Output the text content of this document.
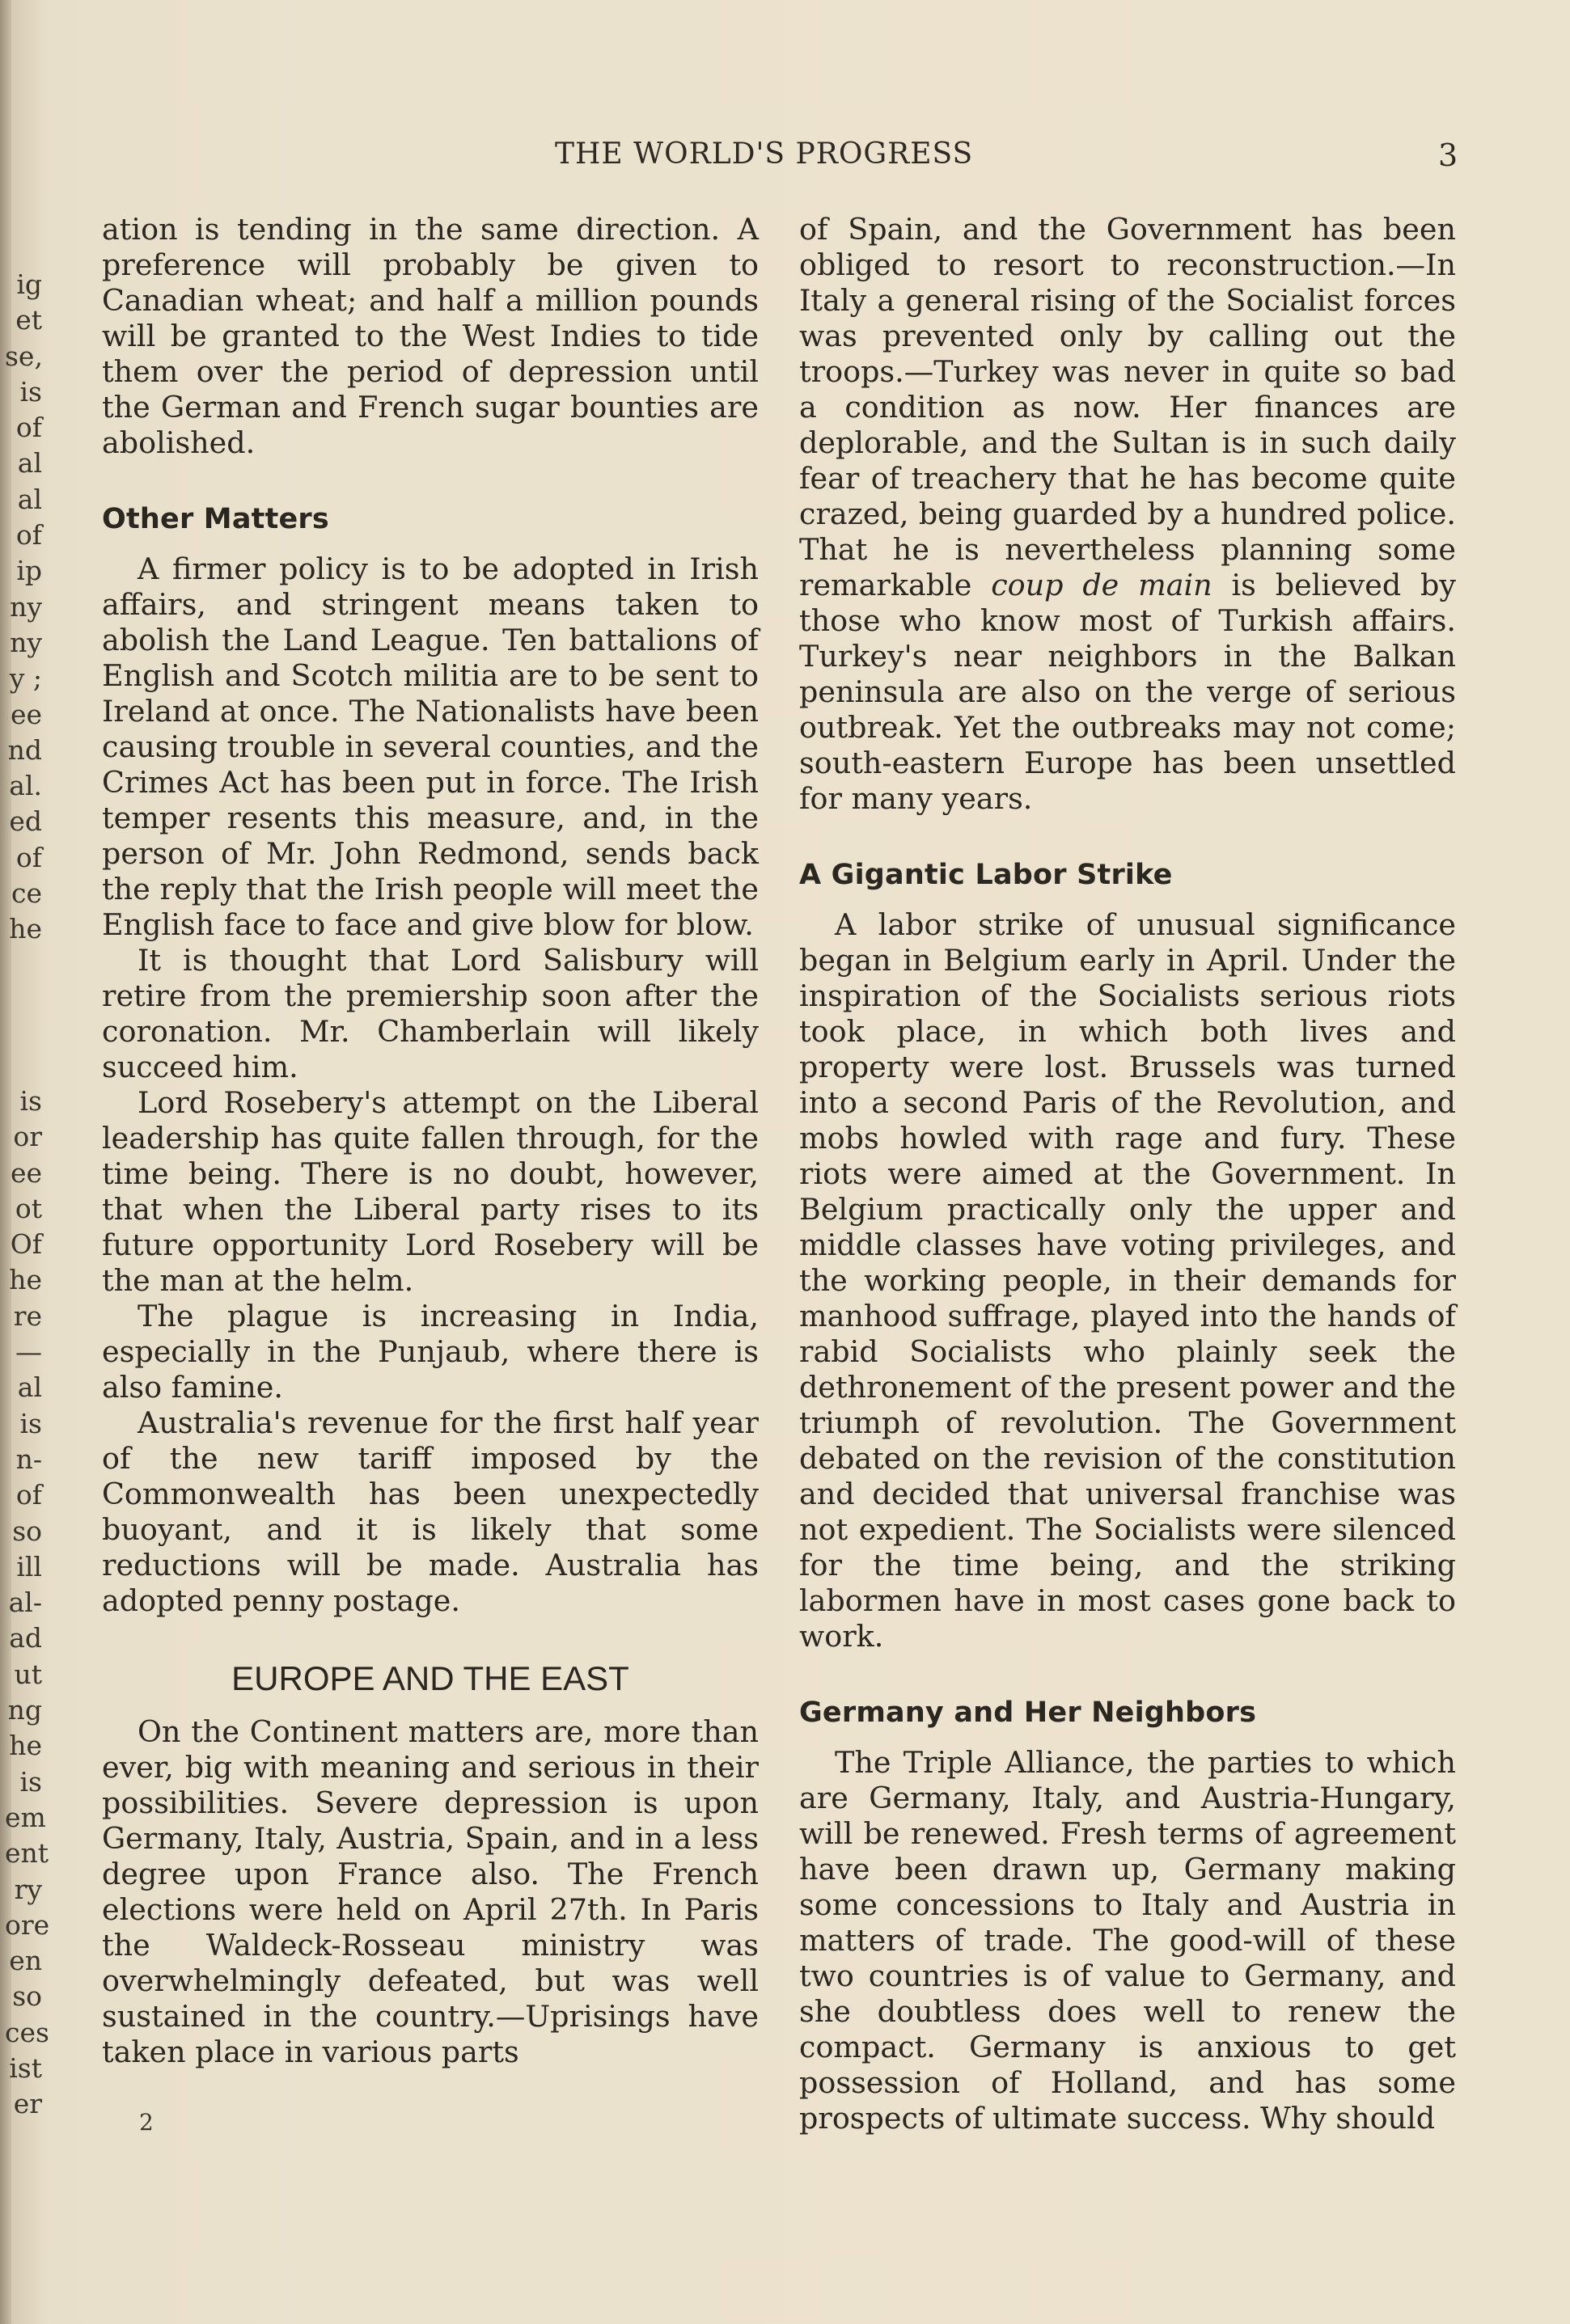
ig
et
se,
is
of
al
al
of
ip
ny
ny
y ;
ee
nd
al.
ed
of
ce
he
is
or
ee
ot
Of
he
re
—
al
is
n-
of
so
ill
al-
ad
ut
ng
he
is
em
ent
ry
ore
en
so
ces
ist
er
THE WORLD'S PROGRESS	3

ation is tending in the same direction. A preference will probably be given to Canadian wheat; and half a million pounds will be granted to the West Indies to tide them over the period of depression until the German and French sugar bounties are abolished.

Other Matters

A firmer policy is to be adopted in Irish affairs, and stringent means taken to abolish the Land League. Ten battalions of English and Scotch militia are to be sent to Ireland at once. The Nationalists have been causing trouble in several counties, and the Crimes Act has been put in force. The Irish temper resents this measure, and, in the person of Mr. John Redmond, sends back the reply that the Irish people will meet the English face to face and give blow for blow.

It is thought that Lord Salisbury will retire from the premiership soon after the coronation. Mr. Chamberlain will likely succeed him.

Lord Rosebery's attempt on the Liberal leadership has quite fallen through, for the time being. There is no doubt, however, that when the Liberal party rises to its future opportunity Lord Rosebery will be the man at the helm.

The plague is increasing in India, especially in the Punjaub, where there is also famine.

Australia's revenue for the first half year of the new tariff imposed by the Commonwealth has been unexpectedly buoyant, and it is likely that some reductions will be made. Australia has adopted penny postage.

EUROPE AND THE EAST

On the Continent matters are, more than ever, big with meaning and serious in their possibilities. Severe depression is upon Germany, Italy, Austria, Spain, and in a less degree upon France also. The French elections were held on April 27th. In Paris the Waldeck-Rosseau ministry was overwhelmingly defeated, but was well sustained in the country.—Uprisings have taken place in various parts

2

of Spain, and the Government has been obliged to resort to reconstruction.—In Italy a general rising of the Socialist forces was prevented only by calling out the troops.—Turkey was never in quite so bad a condition as now. Her finances are deplorable, and the Sultan is in such daily fear of treachery that he has become quite crazed, being guarded by a hundred police. That he is nevertheless planning some remarkable coup de main is believed by those who know most of Turkish affairs. Turkey's near neighbors in the Balkan peninsula are also on the verge of serious outbreak. Yet the outbreaks may not come; south-eastern Europe has been unsettled for many years.

A Gigantic Labor Strike

A labor strike of unusual significance began in Belgium early in April. Under the inspiration of the Socialists serious riots took place, in which both lives and property were lost. Brussels was turned into a second Paris of the Revolution, and mobs howled with rage and fury. These riots were aimed at the Government. In Belgium practically only the upper and middle classes have voting privileges, and the working people, in their demands for manhood suffrage, played into the hands of rabid Socialists who plainly seek the dethronement of the present power and the triumph of revolution. The Government debated on the revision of the constitution and decided that universal franchise was not expedient. The Socialists were silenced for the time being, and the striking labormen have in most cases gone back to work.

Germany and Her Neighbors

The Triple Alliance, the parties to which are Germany, Italy, and Austria-Hungary, will be renewed. Fresh terms of agreement have been drawn up, Germany making some concessions to Italy and Austria in matters of trade. The good-will of these two countries is of value to Germany, and she doubtless does well to renew the compact. Germany is anxious to get possession of Holland, and has some prospects of ultimate success. Why should
